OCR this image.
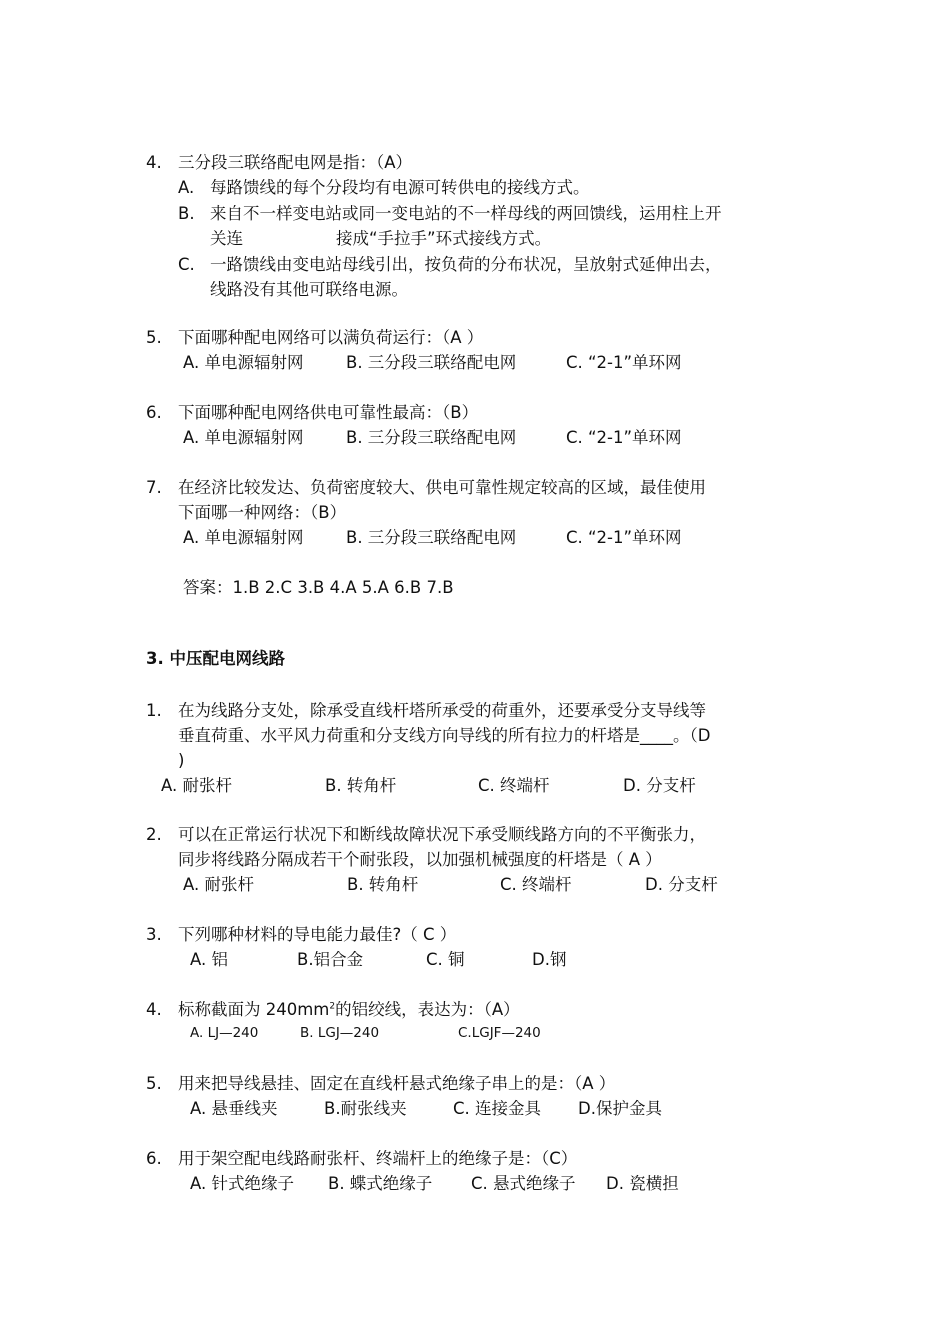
4. 三分段三联络配电网是指：（A）
A. 每路馈线的每个分段均有电源可转供电的接线方式。
B. 来自不一样变电站或同一变电站的不一样母线的两回馈线，运用柱上开
关连	接成“手拉手”环式接线方式。
C. 一路馈线由变电站母线引出，按负荷的分布状况，呈放射式延伸出去，
线路没有其他可联络电源。
5. 下面哪种配电网络可以满负荷运行：（A ）
A. 单电源辐射网	B. 三分段三联络配电网	C. “2-1”单环网
6. 下面哪种配电网络供电可靠性最高：（B）
A. 单电源辐射网	B. 三分段三联络配电网	C. “2-1”单环网
7. 在经济比较发达、负荷密度较大、供电可靠性规定较高的区域，最佳使用
下面哪一种网络：（B）
A. 单电源辐射网	B. 三分段三联络配电网	C. “2-1”单环网
答案：1.B 2.C 3.B 4.A 5.A 6.B 7.B
3. 中压配电网线路
1. 在为线路分支处，除承受直线杆塔所承受的荷重外，还要承受分支导线等
垂直荷重、水平风力荷重和分支线方向导线的所有拉力的杆塔是____。（D
)
A. 耐张杆	B. 转角杆	C. 终端杆	D. 分支杆
2. 可以在正常运行状况下和断线故障状况下承受顺线路方向的不平衡张力，
同步将线路分隔成若干个耐张段，以加强机械强度的杆塔是（ A ）
A. 耐张杆	B. 转角杆	C. 终端杆	D. 分支杆
3. 下列哪种材料的导电能力最佳?（ C ）
A. 铝	B.铝合金	C. 铜	D.钢
4. 标称截面为 $240mm^2$的铝绞线，表达为：（A）
A. LJ—240	B. LGJ—240	C.LGJF—240
5. 用来把导线悬挂、固定在直线杆悬式绝缘子串上的是：（A ）
A. 悬垂线夹	B.耐张线夹	C. 连接金具 D.保护金具
6. 用于架空配电线路耐张杆、终端杆上的绝缘子是：（C）
A. 针式绝缘子 B. 蝶式绝缘子 C. 悬式绝缘子 D. 瓷横担
